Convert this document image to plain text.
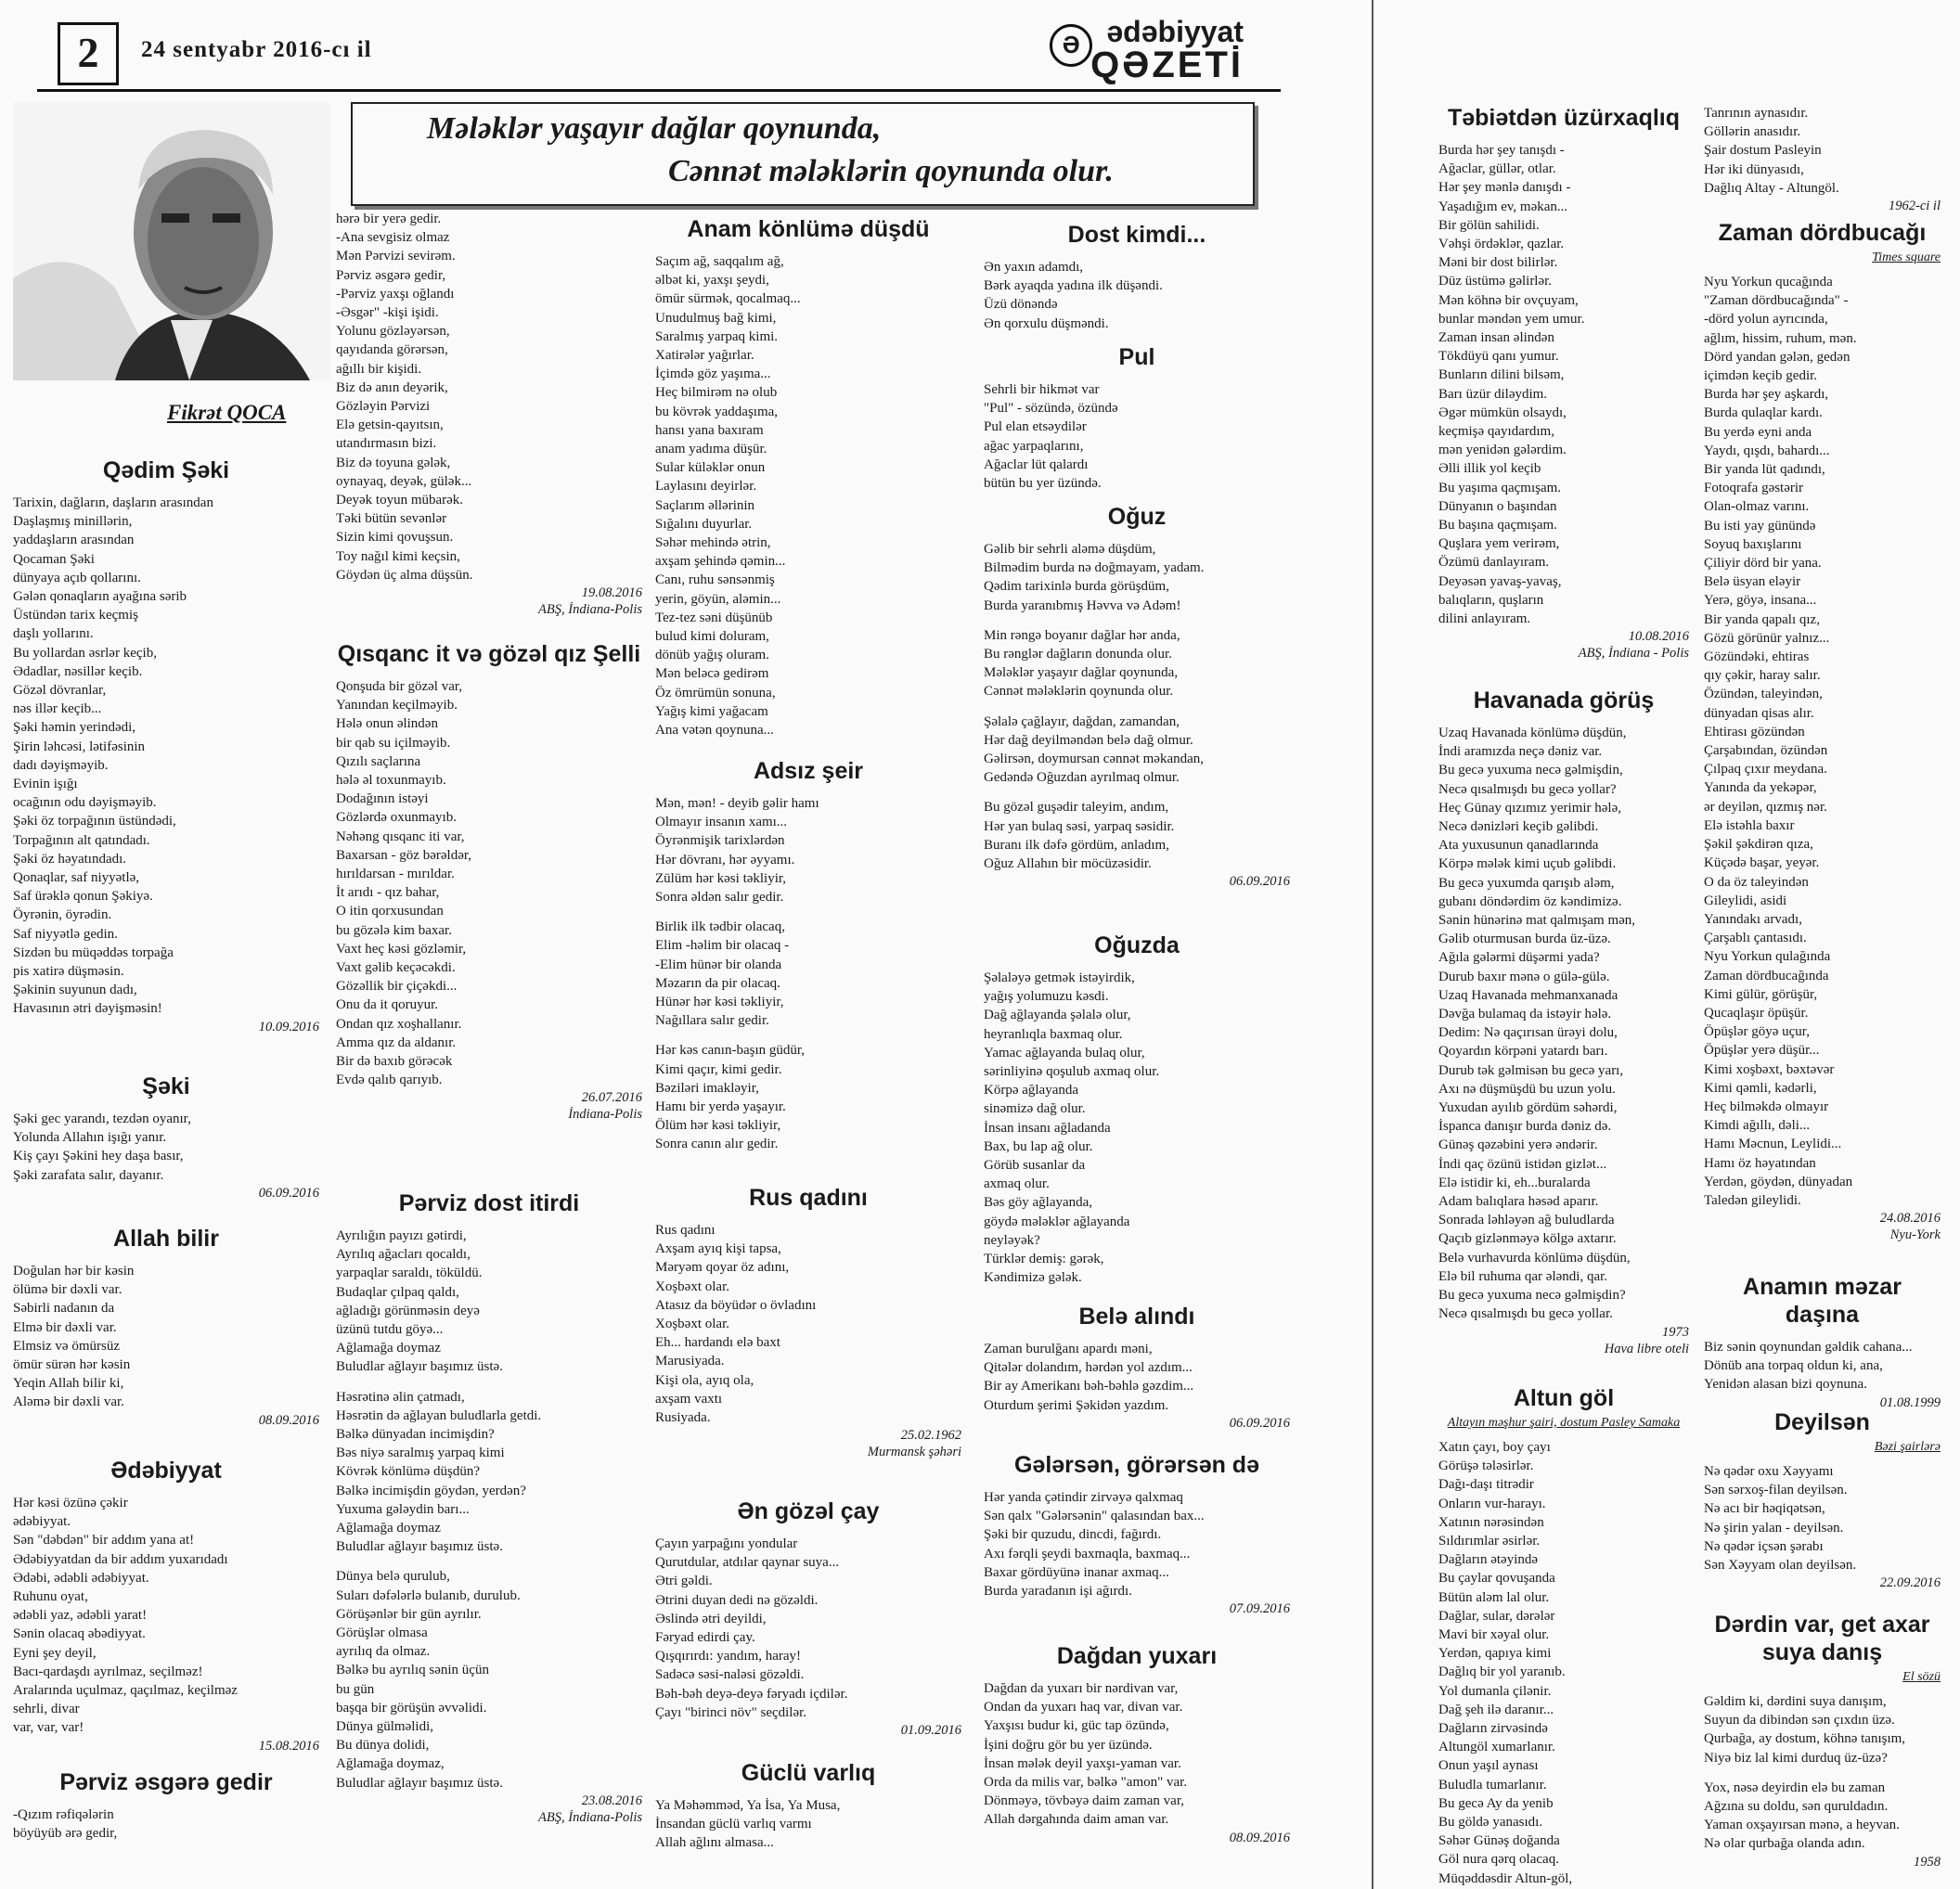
2	24 sentyabr 2016-cı il	Ə ədəbiyyat
QƏZETİ
Mələklər yaşayır dağlar qoynunda,
Cənnət mələklərin qoynunda olur.
Fikrət QOCA
Qədim Şəki
Tarixin, dağların, daşların arasından
Daşlaşmış minillərin,
yaddaşların arasından
Qocaman Şəki
dünyaya açıb qollarını.
Gələn qonaqların ayağına sərib
Üstündən tarix keçmiş
daşlı yollarını.
Bu yollardan əsrlər keçib,
Ədadlar, nəsillər keçib.
Gözəl dövranlar,
nəs illər keçib...
Şəki həmin yerindədi,
Şirin ləhcəsi, lətifəsinin
dadı dəyişməyib.
Evinin işığı
ocağının odu dəyişməyib.
Şəki öz torpağının üstündədi,
Torpağının alt qatındadı.
Şəki öz həyatındadı.
Qonaqlar, saf niyyətlə,
Saf ürəklə qonun Şəkiyə.
Öyrənin, öyrədin.
Saf niyyətlə gedin.
Sizdən bu müqəddəs torpağa
pis xatirə düşməsin.
Şəkinin suyunun dadı,
Havasının ətri dəyişməsin!
10.09.2016
Şəki
Şəki gec yarandı, tezdən oyanır,
Yolunda Allahın işığı yanır.
Kiş çayı Şəkini hey daşa basır,
Şəki zarafata salır, dayanır.
06.09.2016
Allah bilir
Doğulan hər bir kəsin
ölümə bir dəxli var.
Səbirli nadanın da
Elmə bir dəxli var.
Elmsiz və ömürsüz
ömür sürən hər kəsin
Yeqin Allah bilir ki,
Aləmə bir dəxli var.
08.09.2016
Ədəbiyyat
Hər kəsi özünə çəkir
ədəbiyyat.
Sən "dəbdən" bir addım yana at!
Ədəbiyyatdan da bir addım yuxarıdadı
Ədəbi, ədəbli ədəbiyyat.
Ruhunu oyat,
ədəbli yaz, ədəbli yarat!
Sənin olacaq əbədiyyat.
Eyni şey deyil,
Bacı-qardaşdı ayrılmaz, seçilməz!
Aralarında uçulmaz, qaçılmaz, keçilməz
sehrli, divar
var, var, var!
15.08.2016
Pərviz əsgərə gedir
-Qızım rəfiqələrin
böyüyüb ərə gedir,
hərə bir yerə gedir.
-Ana sevgisiz olmaz
Mən Pərvizi sevirəm.
Pərviz əsgərə gedir,
-Pərviz yaxşı oğlandı
-Əsgər" -kişi işidi.
Yolunu gözləyərsən,
qayıdanda görərsən,
ağıllı bir kişidi.
Biz də anın deyərik,
Gözləyin Pərvizi
Elə getsin-qayıtsın,
utandırmasın bizi.
Biz də toyuna gələk,
oynayaq, deyək, gülək...
Deyək toyun mübarək.
Təki bütün sevənlər
Sizin kimi qovuşsun.
Toy nağıl kimi keçsin,
Göydən üç alma düşsün.
19.08.2016
ABŞ, İndiana-Polis
Qısqanc it və gözəl qız Şelli
Qonşuda bir gözəl var,
Yanından keçilməyib.
Hələ onun əlindən
bir qab su içilməyib.
Qızılı saçlarına
hələ əl toxunmayıb.
Dodağının istəyi
Gözlərdə oxunmayıb.
Nəhəng qısqanc iti var,
Baxarsan - göz bərəldər,
hırıldarsan - mırıldar.
İt arıdı - qız bahar,
O itin qorxusundan
bu gözələ kim baxar.
Vaxt heç kəsi gözləmir,
Vaxt gəlib keçəcəkdi.
Gözəllik bir çiçəkdi...
Onu da it qoruyur.
Ondan qız xoşhallanır.
Amma qız da aldanır.
Bir də baxıb görəcək
Evdə qalıb qarıyıb.
26.07.2016
İndiana-Polis
Pərviz dost itirdi
Ayrılığın payızı gətirdi,
Ayrılıq ağacları qocaldı,
yarpaqlar saraldı, töküldü.
Budaqlar çılpaq qaldı,
ağladığı görünməsin deyə
üzünü tutdu göyə...
Ağlamağa doymaz
Buludlar ağlayır başımız üstə.
Həsrətinə əlin çatmadı,
Həsrətin də ağlayan buludlarla getdi.
Bəlkə dünyadan incimişdin?
Bəs niyə saralmış yarpaq kimi
Kövrək könlümə düşdün?
Bəlkə incimişdin göydən, yerdən?
Yuxuma gələydin barı...
Ağlamağa doymaz
Buludlar ağlayır başımız üstə.
Dünya belə qurulub,
Suları dəfələrlə bulanıb, durulub.
Görüşənlər bir gün ayrılır.
Görüşlər olmasa
ayrılıq da olmaz.
Bəlkə bu ayrılıq sənin üçün
bu gün
başqa bir görüşün əvvəlidi.
Dünya gülməlidi,
Bu dünya dolidi,
Ağlamağa doymaz,
Buludlar ağlayır başımız üstə.
23.08.2016
ABŞ, İndiana-Polis
Anam könlümə düşdü
Saçım ağ, saqqalım ağ,
əlbət ki, yaxşı şeydi,
ömür sürmək, qocalmaq...
Unudulmuş bağ kimi,
Saralmış yarpaq kimi.
Xatirələr yağırlar.
İçimdə göz yaşıma...
Heç bilmirəm nə olub
bu kövrək yaddaşıma,
hansı yana baxıram
anam yadıma düşür.
Sular küləklər onun
Laylasını deyirlər.
Saçlarım əllərinin
Sığalını duyurlar.
Səhər mehində ətrin,
axşam şehində qəmin...
Canı, ruhu sənsənmiş
yerin, göyün, aləmin...
Tez-tez səni düşünüb
bulud kimi doluram,
dönüb yağış oluram.
Mən beləcə gedirəm
Öz ömrümün sonuna,
Yağış kimi yağacam
Ana vətən qoynuna...
Adsız şeir
Mən, mən! - deyib gəlir hamı
Olmayır insanın xamı...
Öyrənmişik tarixlərdən
Hər dövranı, hər əyyamı.
Zülüm hər kəsi təkliyir,
Sonra əldən salır gedir.
Birlik ilk tədbir olacaq,
Elim -həlim bir olacaq -
-Elim hünər bir olanda
Məzarın da pir olacaq.
Hünər hər kəsi təkliyir,
Nağıllara salır gedir.
Hər kəs canın-başın güdür,
Kimi qaçır, kimi gedir.
Bəziləri imakləyir,
Hamı bir yerdə yaşayır.
Ölüm hər kəsi təkliyir,
Sonra canın alır gedir.
Rus qadını
Rus qadını
Axşam ayıq kişi tapsa,
Məryəm qoyar öz adını,
Xoşbəxt olar.
Atasız da böyüdər o övladını
Xoşbəxt olar.
Eh... hardandı elə baxt
Marusiyada.
Kişi ola, ayıq ola,
axşam vaxtı
Rusiyada.
25.02.1962
Murmansk şəhəri
Ən gözəl çay
Çayın yarpağını yondular
Qurutdular, atdılar qaynar suya...
Ətri gəldi.
Ətrini duyan dedi nə gözəldi.
Əslində ətri deyildi,
Fəryad edirdi çay.
Qışqırırdı: yandım, haray!
Sadəcə səsi-naləsi gözəldi.
Bəh-bəh deyə-deyə fəryadı içdilər.
Çayı "birinci növ" seçdilər.
01.09.2016
Güclü varlıq
Ya Məhəmməd, Ya İsa, Ya Musa,
İnsandan güclü varlıq varmı
Allah ağlını almasa...
Dost kimdi...
Ən yaxın adamdı,
Bərk ayaqda yadına ilk düşəndi.
Üzü dönəndə
Ən qorxulu düşməndi.
Pul
Sehrli bir hikmət var
"Pul" - sözündə, özündə
Pul elan etsəydilər
ağac yarpaqlarını,
Ağaclar lüt qalardı
bütün bu yer üzündə.
Oğuz
Gəlib bir sehrli aləmə düşdüm,
Bilmədim burda nə doğmayam, yadam.
Qədim tarixinlə burda görüşdüm,
Burda yaranıbmış Həvva və Adəm!
Min rəngə boyanır dağlar hər anda,
Bu rənglər dağların donunda olur.
Mələklər yaşayır dağlar qoynunda,
Cənnət mələklərin qoynunda olur.
Şəlalə çağlayır, dağdan, zamandan,
Hər dağ deyilməndən belə dağ olmur.
Gəlirsən, doymursan cənnət məkandan,
Gedəndə Oğuzdan ayrılmaq olmur.
Bu gözəl guşədir taleyim, andım,
Hər yan bulaq səsi, yarpaq səsidir.
Buranı ilk dəfə gördüm, anladım,
Oğuz Allahın bir möcüzəsidir.
06.09.2016
Oğuzda
Şəlaləyə getmək istəyirdik,
yağış yolumuzu kəsdi.
Dağ ağlayanda şəlalə olur,
heyranlıqla baxmaq olur.
Yamac ağlayanda bulaq olur,
sərinliyinə qoşulub axmaq olur.
Körpə ağlayanda
sinəmizə dağ olur.
İnsan insanı ağladanda
Bax, bu lap ağ olur.
Görüb susanlar da
axmaq olur.
Bəs göy ağlayanda,
göydə mələklər ağlayanda
neyləyək?
Türklər demiş: gərək,
Kəndimizə gələk.
Belə alındı
Zaman burulğanı apardı məni,
Qitələr dolandım, hərdən yol azdım...
Bir ay Amerikanı bəh-bəhlə gəzdim...
Oturdum şerimi Şəkidən yazdım.
06.09.2016
Gələrsən, görərsən də
Hər yanda çətindir zirvəyə qalxmaq
Sən qalx "Gələrsənin" qalasından bax...
Şəki bir quzudu, dincdi, fağırdı.
Axı fərqli şeydi baxmaqla, baxmaq...
Baxar gördüyünə inanar axmaq...
Burda yaradanın işi ağırdı.
07.09.2016
Dağdan yuxarı
Dağdan da yuxarı bir nərdivan var,
Ondan da yuxarı haq var, divan var.
Yaxşısı budur ki, güc tap özündə,
İşini doğru gör bu yer üzündə.
İnsan mələk deyil yaxşı-yaman var.
Orda da milis var, bəlkə "amon" var.
Dönməyə, tövbəyə daim zaman var,
Allah dərgahında daim aman var.
08.09.2016
Təbiətdən üzürxaqlıq
Burda hər şey tanışdı -
Ağaclar, güllər, otlar.
Hər şey mənlə danışdı -
Yaşadığım ev, məkan...
Bir gölün sahilidi.
Vəhşi ördəklər, qazlar.
Məni bir dost bilirlər.
Düz üstümə gəlirlər.
Mən köhnə bir ovçuyam,
bunlar məndən yem umur.
Zaman insan əlindən
Tökdüyü qanı yumur.
Bunların dilini bilsəm,
Barı üzür diləydim.
Əgər mümkün olsaydı,
keçmişə qayıdardım,
mən yenidən gələrdim.
Əlli illik yol keçib
Bu yaşıma qaçmışam.
Dünyanın o başından
Bu başına qaçmışam.
Quşlara yem verirəm,
Özümü danlayıram.
Deyəsən yavaş-yavaş,
balıqların, quşların
dilini anlayıram.
10.08.2016
ABŞ, İndiana - Polis
Havanada görüş
Uzaq Havanada könlümə düşdün,
İndi aramızda neçə dəniz var.
Bu gecə yuxuma necə gəlmişdin,
Necə qısalmışdı bu gecə yollar?
Heç Günay qızımız yerimir hələ,
Necə dənizləri keçib gəlibdi.
Ata yuxusunun qanadlarında
Körpə mələk kimi uçub gəlibdi.
Bu gecə yuxumda qarışıb aləm,
gubanı döndərdim öz kəndimizə.
Sənin hünərinə mat qalmışam mən,
Gəlib oturmusan burda üz-üzə.
Ağıla gələrmi düşərmi yada?
Durub baxır mənə o gülə-gülə.
Uzaq Havanada mehmanxanada
Dəvğa bulamaq da istəyir hələ.
Dedim: Nə qaçırısan ürəyi dolu,
Qoyardın körpəni yatardı barı.
Durub tək gəlmisən bu gecə yarı,
Axı nə düşmüşdü bu uzun yolu.
Yuxudan ayılıb gördüm səhərdi,
İspanca danışır burda dəniz də.
Günəş qəzəbini yerə əndərir.
İndi qaç özünü istidən gizlət...
Elə istidir ki, eh...buralarda
Adam balıqlara həsəd aparır.
Sonrada ləhləyən ağ buludlarda
Qaçıb gizlənməyə kölgə axtarır.
Belə vurhavurda könlümə düşdün,
Elə bil ruhuma qar ələndi, qar.
Bu gecə yuxuma necə gəlmişdin?
Necə qısalmışdı bu gecə yollar.
1973
Hava libre oteli
Altun göl
Altayın məşhur şairi, dostum Pasley Samaka
Xatın çayı, boy çayı
Görüşə tələsirlər.
Dağı-daşı titrədir
Onların vur-harayı.
Xatının nərəsindən
Sıldırımlar əsirlər.
Dağların ətəyində
Bu çaylar qovuşanda
Bütün aləm lal olur.
Dağlar, sular, dərələr
Mavi bir xəyal olur.
Yerdən, qapıya kimi
Dağlıq bir yol yaranıb.
Yol dumanla çilənir.
Dağ şeh ilə daranır...
Dağların zirvəsində
Altungöl xumarlanır.
Onun yaşıl aynası
Buludla tumarlanır.
Bu gecə Ay da yenib
Bu göldə yanasıdı.
Səhər Günəş doğanda
Göl nura qərq olacaq.
Müqəddəsdir Altun-göl,
Tanrının aynasıdır.
Göllərin anasıdır.
Şair dostum Pasleyin
Hər iki dünyasıdı,
Dağlıq Altay - Altungöl.
1962-ci il
Zaman dördbucağı
Times square
Nyu Yorkun qucağında
"Zaman dördbucağında" -
-dörd yolun ayrıcında,
ağlım, hissim, ruhum, mən.
Dörd yandan gələn, gedən
içimdən keçib gedir.
Burda hər şey aşkardı,
Burda qulaqlar kardı.
Bu yerdə eyni anda
Yaydı, qışdı, bahardı...
Bir yanda lüt qadındı,
Fotoqrafa gəstərir
Olan-olmaz varını.
Bu isti yay günündə
Soyuq baxışlarını
Çiliyir dörd bir yana.
Belə üsyan eləyir
Yerə, göyə, insana...
Bir yanda qapalı qız,
Gözü görünür yalnız...
Gözündəki, ehtiras
qıy çəkir, haray salır.
Özündən, taleyindən,
dünyadan qisas alır.
Ehtirası gözündən
Çarşabından, özündən
Çılpaq çıxır meydana.
Yanında da yekəpər,
ər deyilən, qızmış nər.
Elə istəhla baxır
Şəkil şəkdirən qıza,
Küçədə başar, yeyər.
O da öz taleyindən
Gileylidi, asidi
Yanındakı arvadı,
Çarşablı çantasıdı.
Nyu Yorkun qulağında
Zaman dördbucağında
Kimi gülür, görüşür,
Qucaqlaşır öpüşür.
Öpüşlər göyə uçur,
Öpüşlər yerə düşür...
Kimi xoşbəxt, bəxtəvər
Kimi qəmli, kədərli,
Heç bilməkdə olmayır
Kimdi ağıllı, dəli...
Hamı Məcnun, Leylidi...
Hamı öz həyatından
Yerdən, göydən, dünyadan
Taledən gileylidi.
24.08.2016
Nyu-York
Anamın məzar daşına
Biz sənin qoynundan gəldik cahana...
Dönüb ana torpaq oldun ki, ana,
Yenidən alasan bizi qoynuna.
01.08.1999
Deyilsən
Bəzi şairlərə
Nə qədər oxu Xəyyamı
Sən sərxoş-filan deyilsən.
Nə acı bir həqiqətsən,
Nə şirin yalan - deyilsən.
Nə qədər içsən şərabı
Sən Xəyyam olan deyilsən.
22.09.2016
Dərdin var, get axar suya danış
El sözü
Gəldim ki, dərdini suya danışım,
Suyun da dibindən sən çıxdın üzə.
Qurbağa, ay dostum, köhnə tanışım,
Niyə biz lal kimi durduq üz-üzə?
Yox, nəsə deyirdin elə bu zaman
Ağzına su doldu, sən quruldadın.
Yaman oxşayırsan mənə, a heyvan.
Nə olar qurbağa olanda adın.
1958
